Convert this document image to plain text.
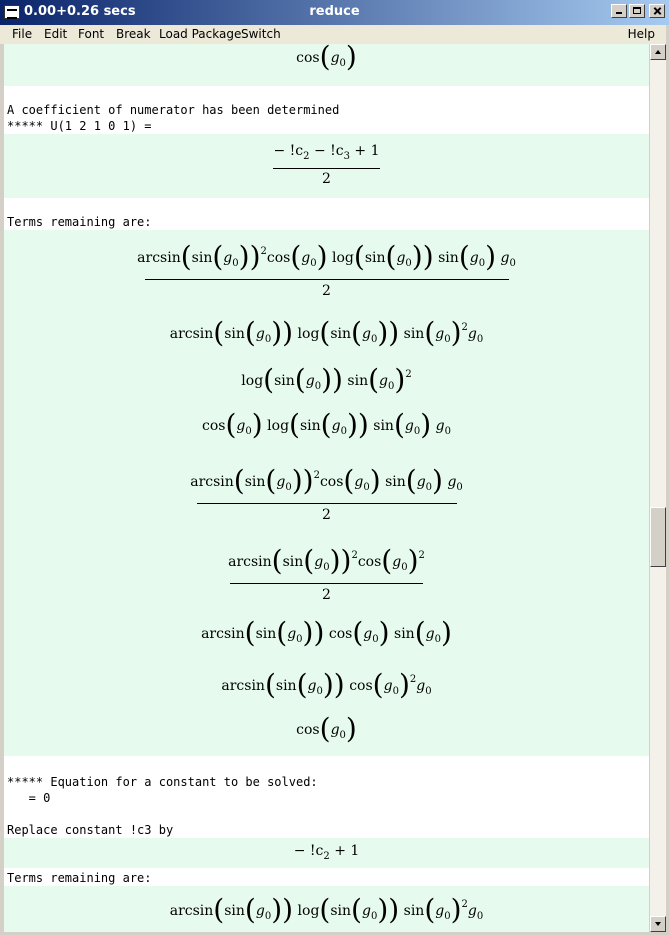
0.00+0.26 secs	reduce
File Edit Font Break Load Package Switch	Help
$\cos(g_0)$
A coefficient of numerator has been determined
***** U(1 2 1 0 1) =
− $!c_2 - !c_3 + 1$
2
Terms remaining are:
$\arcsin(\sin(g_0))^2\cos(g_0)$ $\log(\sin(g_0))$ $\sin(g_0)$ $g_0$
2
$\arcsin(\sin(g_0))$ $\log(\sin(g_0))$ $\sin(g_0)^2g_0$
$\log(\sin(g_0))$ $\sin(g_0)^2$
$\cos(g_0)$ $\log(\sin(g_0))$ $\sin(g_0)$ $g_0$
$\arcsin(\sin(g_0))^2\cos(g_0)$ $\sin(g_0)$ $g_0$
2
$\arcsin(\sin(g_0))^2\cos(g_0)^2$
2
$\arcsin(\sin(g_0))$ $\cos(g_0)$ $\sin(g_0)$
$\arcsin(\sin(g_0))$ $\cos(g_0)^2g_0$
$\cos(g_0)$
***** Equation for a constant to be solved:
= 0
Replace constant !c3 by
− $!c_2 + 1$
Terms remaining are:
$\arcsin(\sin(g_0))$ $\log(\sin(g_0))$ $\sin(g_0)^2g_0$
